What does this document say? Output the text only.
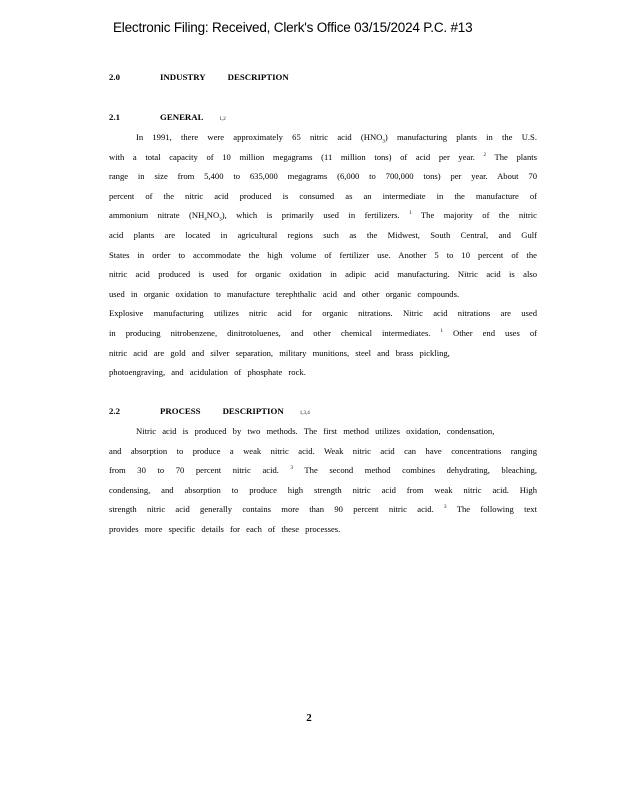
Electronic Filing: Received, Clerk's Office 03/15/2024 P.C. #13
2.0	INDUSTRY	DESCRIPTION
2.1	GENERAL	1,2
In 1991, there were approximately 65 nitric acid $(HNO_3)$ manufacturing plants in the U.S.
with a total capacity of 10 million megagrams (11 million tons) of acid per year. $^2$ The plants
range in size from 5,400 to 635,000 megagrams (6,000 to 700,000 tons) per year. About 70
percent of the nitric acid produced is consumed as an intermediate in the manufacture of
ammonium nitrate $(NH_4NO_3)$, which is primarily used in fertilizers. $^1$ The majority of the nitric
acid plants are located in agricultural regions such as the Midwest, South Central, and Gulf
States in order to accommodate the high volume of fertilizer use. Another 5 to 10 percent of the
nitric acid produced is used for organic oxidation in adipic acid manufacturing. Nitric acid is also
used in organic oxidation to manufacture terephthalic acid and other organic compounds.
Explosive manufacturing utilizes nitric acid for organic nitrations. Nitric acid nitrations are used
in producing nitrobenzene, dinitrotoluenes, and other chemical intermediates. $^1$ Other end uses of
nitric acid are gold and silver separation, military munitions, steel and brass pickling,
photoengraving, and acidulation of phosphate rock.
2.2	PROCESS	DESCRIPTION	1,3,4
Nitric acid is produced by two methods. The first method utilizes oxidation, condensation,
and absorption to produce a weak nitric acid. Weak nitric acid can have concentrations ranging
from 30 to 70 percent nitric acid. $^3$ The second method combines dehydrating, bleaching,
condensing, and absorption to produce high strength nitric acid from weak nitric acid. High
strength nitric acid generally contains more than 90 percent nitric acid. $^3$ The following text
provides more specific details for each of these processes.
2
